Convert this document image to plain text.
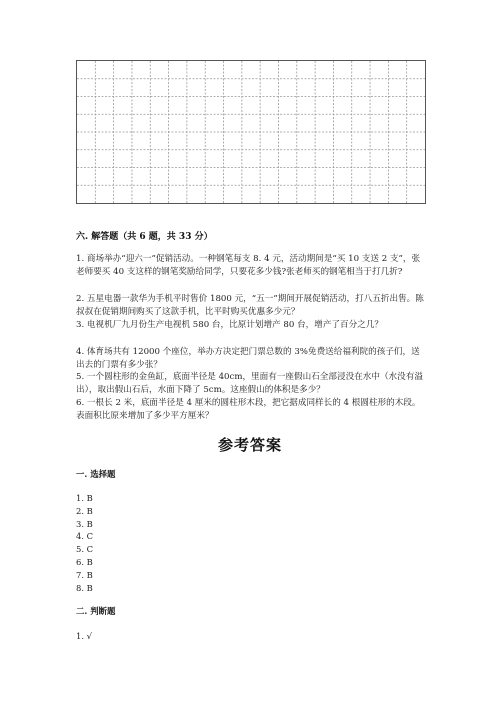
六. 解答题（共 6 题，共 33 分）
1. 商场举办“迎六一”促销活动。一种钢笔每支 8. 4 元，活动期间是“买 10 支送 2 支”，张老师要买 40 支这样的钢笔奖励给同学，只要花多少钱?张老师买的钢笔相当于打几折?
2. 五星电器一款华为手机平时售价 1800 元，“五一”期间开展促销活动，打八五折出售。陈叔叔在促销期间购买了这款手机，比平时购买优惠多少元？
3. 电视机厂九月份生产电视机 580 台，比原计划增产 80 台，增产了百分之几？
4. 体育场共有 12000 个座位，举办方决定把门票总数的 3%免费送给福利院的孩子们，送出去的门票有多少张？
5. 一个圆柱形的金鱼缸，底面半径是 40cm，里面有一座假山石全部浸没在水中（水没有溢出），取出假山石后，水面下降了 5cm。这座假山的体积是多少？
6. 一根长 2 米，底面半径是 4 厘米的圆柱形木段，把它据成同样长的 4 根圆柱形的木段。表面积比原来增加了多少平方厘米？
参考答案
一. 选择题
1. B
2. B
3. B
4. C
5. C
6. B
7. B
8. B
二. 判断题
1. √
